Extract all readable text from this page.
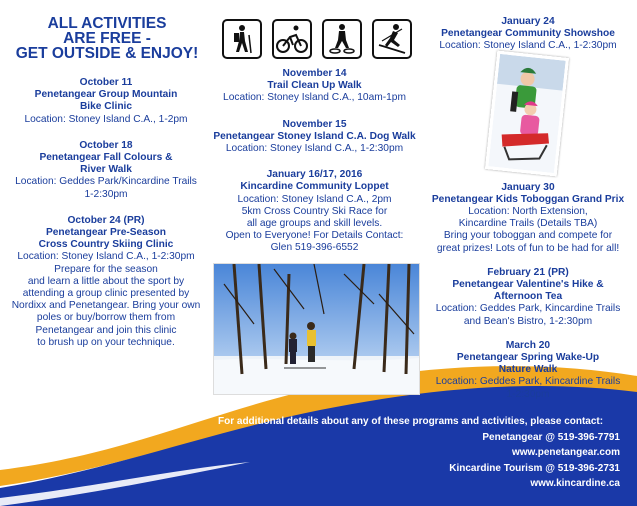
ALL ACTIVITIES
ARE FREE -
GET OUTSIDE & ENJOY!
October 11
Penetangear Group Mountain
Bike Clinic
Location: Stoney Island C.A., 1-2pm
October 18
Penetangear Fall Colours &
River Walk
Location: Geddes Park/Kincardine Trails
1-2:30pm
October 24 (PR)
Penetangear Pre-Season
Cross Country Skiing Clinic
Location: Stoney Island C.A., 1-2:30pm
Prepare for the season
and learn a little about the sport by
attending a group clinic presented by
Nordixx and Penetangear. Bring your own
poles or buy/borrow them from
Penetangear and join this clinic
to brush up on your technique.
November 14
Trail Clean Up Walk
Location: Stoney Island C.A., 10am-1pm
November 15
Penetangear Stoney Island C.A. Dog Walk
Location: Stoney Island C.A., 1-2:30pm
January 16/17, 2016
Kincardine Community Loppet
Location: Stoney Island C.A., 2pm
5km Cross Country Ski Race for
all age groups and skill levels.
Open to Everyone! For Details Contact:
Glen 519-396-6552
January 24
Penetangear Community Showshoe
Location: Stoney Island C.A., 1-2:30pm
January 30
Penetangear Kids Toboggan Grand Prix
Location: North Extension,
Kincardine Trails (Details TBA)
Bring your toboggan and compete for
great prizes! Lots of fun to be had for all!
February 21 (PR)
Penetangear Valentine's Hike &
Afternoon Tea
Location: Geddes Park, Kincardine Trails
and Bean's Bistro, 1-2:30pm
March 20
Penetangear Spring Wake-Up
Nature Walk
Location: Geddes Park, Kincardine Trails
1-2:30pm
For additional details about any of these programs and activities, please contact:
Penetangear @ 519-396-7791
www.penetangear.com
Kincardine Tourism @ 519-396-2731
www.kincardine.ca
